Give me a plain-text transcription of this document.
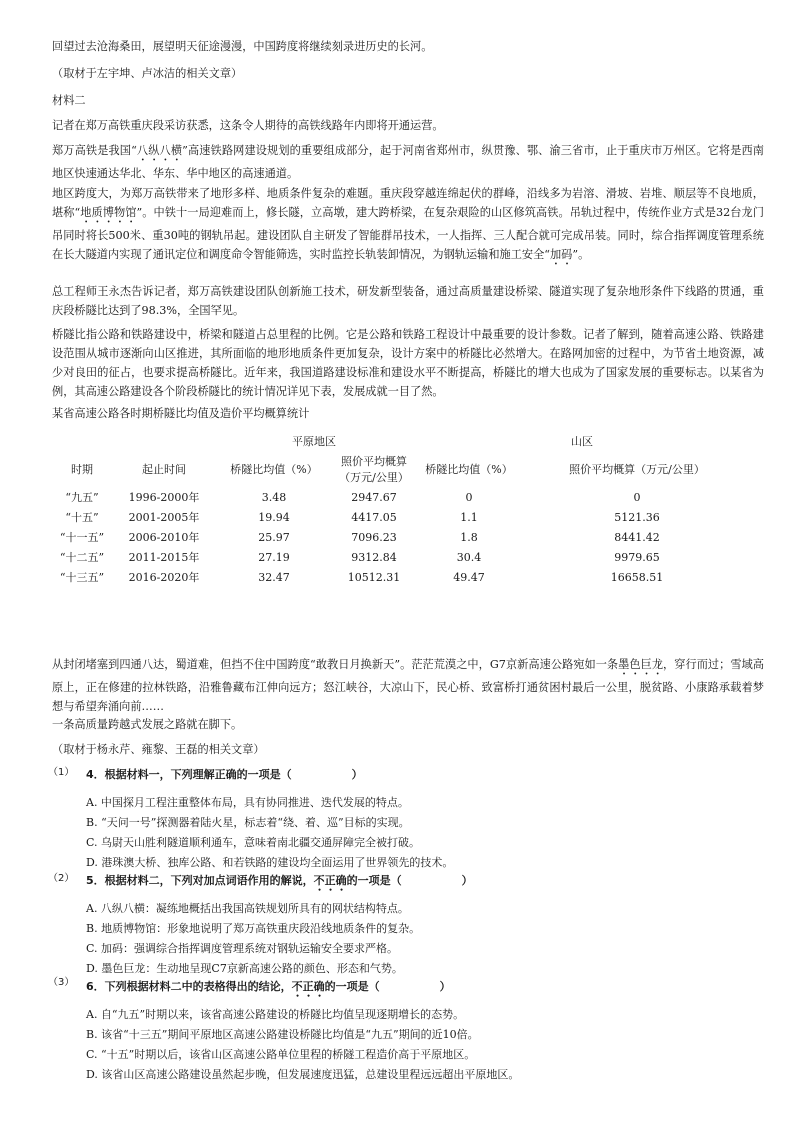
回望过去沧海桑田，展望明天征途漫漫，中国跨度将继续刻录进历史的长河。
（取材于左宇坤、卢冰洁的相关文章）
材料二
记者在郑万高铁重庆段采访获悉，这条令人期待的高铁线路年内即将开通运营。
郑万高铁是我国“八纵八横”高速铁路网建设规划的重要组成部分，起于河南省郑州市，纵贯豫、鄂、渝三省市，止于重庆市万州区。它将是西南地区快速通达华北、华东、华中地区的高速通道。
地区跨度大，为郑万高铁带来了地形多样、地质条件复杂的难题。重庆段穿越连绵起伏的群峰，沿线多为岩溶、滑坡、岩堆、顺层等不良地质，堪称“地质博物馆”。中铁十一局迎难而上，修长隧，立高墩，建大跨桥梁，在复杂艰险的山区修筑高铁。吊轨过程中，传统作业方式是32台龙门吊同时将长500米、重30吨的钢轨吊起。建设团队自主研发了智能群吊技术，一人指挥、三人配合就可完成吊装。同时，综合指挥调度管理系统在长大隧道内实现了通讯定位和调度命令智能筛选，实时监控长轨装卸情况，为钢轨运输和施工安全“加码”。
总工程师王永杰告诉记者，郑万高铁建设团队创新施工技术，研发新型装备，通过高质量建设桥梁、隧道实现了复杂地形条件下线路的贯通，重庆段桥隧比达到了98.3%，全国罕见。
桥隧比指公路和铁路建设中，桥梁和隧道占总里程的比例。它是公路和铁路工程设计中最重要的设计参数。记者了解到，随着高速公路、铁路建设范围从城市逐渐向山区推进，其所面临的地形地质条件更加复杂，设计方案中的桥隧比必然增大。在路网加密的过程中，为节省土地资源，减少对良田的征占，也要求提高桥隧比。近年来，我国道路建设标准和建设水平不断提高，桥隧比的增大也成为了国家发展的重要标志。以某省为例，其高速公路建设各个阶段桥隧比的统计情况详见下表，发展成就一目了然。
某省高速公路各时期桥隧比均值及造价平均概算统计
		平原地区		山区	
时期	起止时间	桥隧比均值（%）	照价平均概算（万元/公里）	桥隧比均值（%）	照价平均概算（万元/公里）
“九五”	1996-2000年	3.48	2947.67	0	0
“十五”	2001-2005年	19.94	4417.05	1.1	5121.36
“十一五”	2006-2010年	25.97	7096.23	1.8	8441.42
“十二五”	2011-2015年	27.19	9312.84	30.4	9979.65
“十三五”	2016-2020年	32.47	10512.31	49.47	16658.51
从封闭堵塞到四通八达，蜀道难，但挡不住中国跨度“敢教日月换新天”。茫茫荒漠之中，G7京新高速公路宛如一条墨色巨龙，穿行而过；雪域高原上，正在修建的拉林铁路，沿雅鲁藏布江伸向远方；怒江峡谷，大凉山下，民心桥、致富桥打通贫困村最后一公里，脱贫路、小康路承载着梦想与希望奔涌向前……
一条高质量跨越式发展之路就在脚下。
（取材于杨永芹、雍黎、王磊的相关文章）
（1） 4．根据材料一，下列理解正确的一项是（	）
A. 中国探月工程注重整体布局，具有协同推进、迭代发展的特点。
B. “天问一号”探测器着陆火星，标志着“绕、着、巡”目标的实现。
C. 乌尉天山胜利隧道顺利通车，意味着南北疆交通屏障完全被打破。
D. 港珠澳大桥、独库公路、和若铁路的建设均全面运用了世界领先的技术。
（2） 5．根据材料二，下列对加点词语作用的解说，不正确的一项是（	）
A. 八纵八横：凝练地概括出我国高铁规划所具有的网状结构特点。
B. 地质博物馆：形象地说明了郑万高铁重庆段沿线地质条件的复杂。
C. 加码：强调综合指挥调度管理系统对钢轨运输安全要求严格。
D. 墨色巨龙：生动地呈现C7京新高速公路的颜色、形态和气势。
（3） 6．下列根据材料二中的表格得出的结论，不正确的一项是（	）
A. 自“九五”时期以来，该省高速公路建设的桥隧比均值呈现逐期增长的态势。
B. 该省“十三五”期间平原地区高速公路建设桥隧比均值是“九五”期间的近10倍。
C. “十五”时期以后，该省山区高速公路单位里程的桥隧工程造价高于平原地区。
D. 该省山区高速公路建设虽然起步晚，但发展速度迅猛，总建设里程远远超出平原地区。
